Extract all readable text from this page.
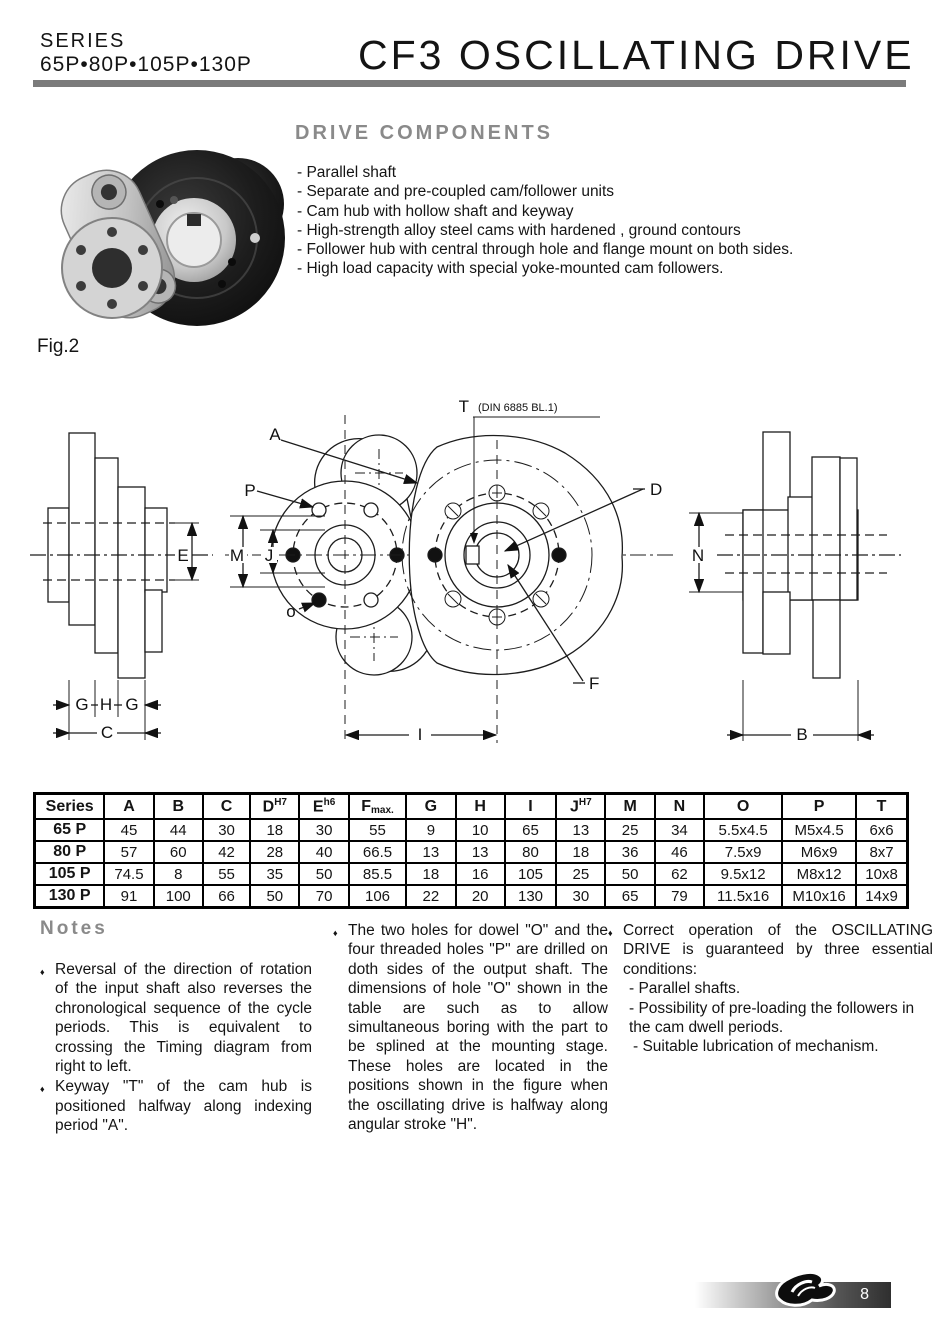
SERIES
65P•80P•105P•130P	CF3 OSCILLATING DRIVE
DRIVE COMPONENTS
- Parallel shaft
- Separate and pre-coupled cam/follower units
- Cam hub with hollow shaft and keyway
- High-strength alloy steel cams with hardened , ground contours
- Follower hub with central through hole and flange mount on both sides.
- High load capacity with special yoke-mounted cam followers.
Fig.2
G H G
C
E M J
A
P
o
T (DIN 6885 BL.1)
D
F
I
N
B
Series	A	B	C	$D^{H7}$	$E^{h6}$	Fmax.	G	H	I	$J^{H7}$	M	N	O	P	T
65 P	45	44	30	18	30	55	9	10	65	13	25	34	5.5x4.5	M5x4.5	6x6
80 P	57	60	42	28	40	66.5	13	13	80	18	36	46	7.5x9	M6x9	8x7
105 P	74.5	8	55	35	50	85.5	18	16	105	25	50	62	9.5x12	M8x12	10x8
130 P	91	100	66	50	70	106	22	20	130	30	65	79	11.5x16	M10x16	14x9
Notes
♦ Reversal of the direction of rotation of the input shaft also reverses the chronological sequence of the cycle periods. This is equivalent to crossing the Timing diagram from right to left.
♦ Keyway "T" of the cam hub is positioned halfway along indexing period "A".
♦ The two holes for dowel "O" and the four threaded holes "P" are drilled on doth sides of the output shaft. The dimensions of hole "O" shown in the table are such as to allow simultaneous boring with the part to be splined at the mounting stage. These holes are located in the positions shown in the figure when the oscillating drive is halfway along angular stroke "H".
♦ Correct operation of the OSCILLATING DRIVE is guaranteed by three essential conditions:
- Parallel shafts.
- Possibility of pre-loading the followers in the cam dwell periods.
- Suitable lubrication of mechanism.
8
